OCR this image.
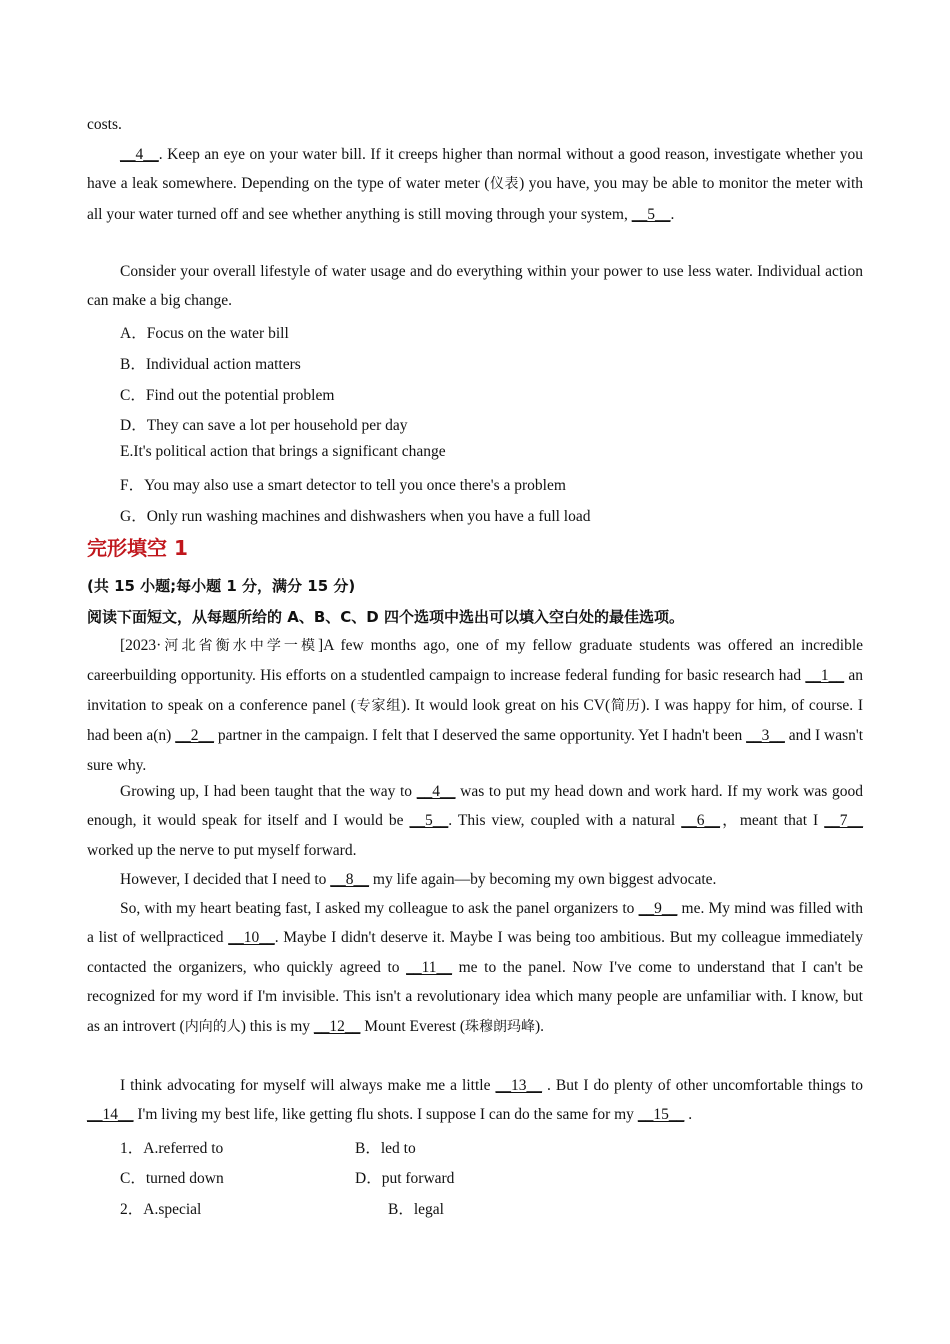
costs.
__4__. Keep an eye on your water bill. If it creeps higher than normal without a good reason, investigate whether you have a leak somewhere. Depending on the type of water meter (仪表) you have, you may be able to monitor the meter with all your water turned off and see whether anything is still moving through your system, __5__.
Consider your overall lifestyle of water usage and do everything within your power to use less water. Individual action can make a big change.
A．Focus on the water bill
B．Individual action matters
C．Find out the potential problem
D．They can save a lot per household per day
E.It's political action that brings a significant change
F．You may also use a smart detector to tell you once there's a problem
G．Only run washing machines and dishwashers when you have a full load
完形填空 1
(共 15 小题;每小题 1 分，满分 15 分)
阅读下面短文，从每题所给的 A、B、C、D 四个选项中选出可以填入空白处的最佳选项。
[2023·河北省衡水中学一模]A few months ago, one of my fellow graduate students was offered an incredible careerbuilding opportunity. His efforts on a studentled campaign to increase federal funding for basic research had __1__ an invitation to speak on a conference panel (专家组). It would look great on his CV(简历). I was happy for him, of course. I had been a(n) __2__ partner in the campaign. I felt that I deserved the same opportunity. Yet I hadn't been __3__ and I wasn't sure why.
Growing up, I had been taught that the way to __4__ was to put my head down and work hard. If my work was good enough, it would speak for itself and I would be __5__. This view, coupled with a natural __6__，meant that I __7__ worked up the nerve to put myself forward.
However, I decided that I need to __8__ my life again—by becoming my own biggest advocate.
So, with my heart beating fast, I asked my colleague to ask the panel organizers to __9__ me. My mind was filled with a list of wellpracticed __10__. Maybe I didn't deserve it. Maybe I was being too ambitious. But my colleague immediately contacted the organizers, who quickly agreed to __11__ me to the panel. Now I've come to understand that I can't be recognized for my word if I'm invisible. This isn't a revolutionary idea which many people are unfamiliar with. I know, but as an introvert (内向的人) this is my __12__ Mount Everest (珠穆朗玛峰).
I think advocating for myself will always make me a little __13__ . But I do plenty of other uncomfortable things to __14__ I'm living my best life, like getting flu shots. I suppose I can do the same for my __15__ .
1．A.referred to	B．led to
C．turned down	D．put forward
2．A.special	B．legal
